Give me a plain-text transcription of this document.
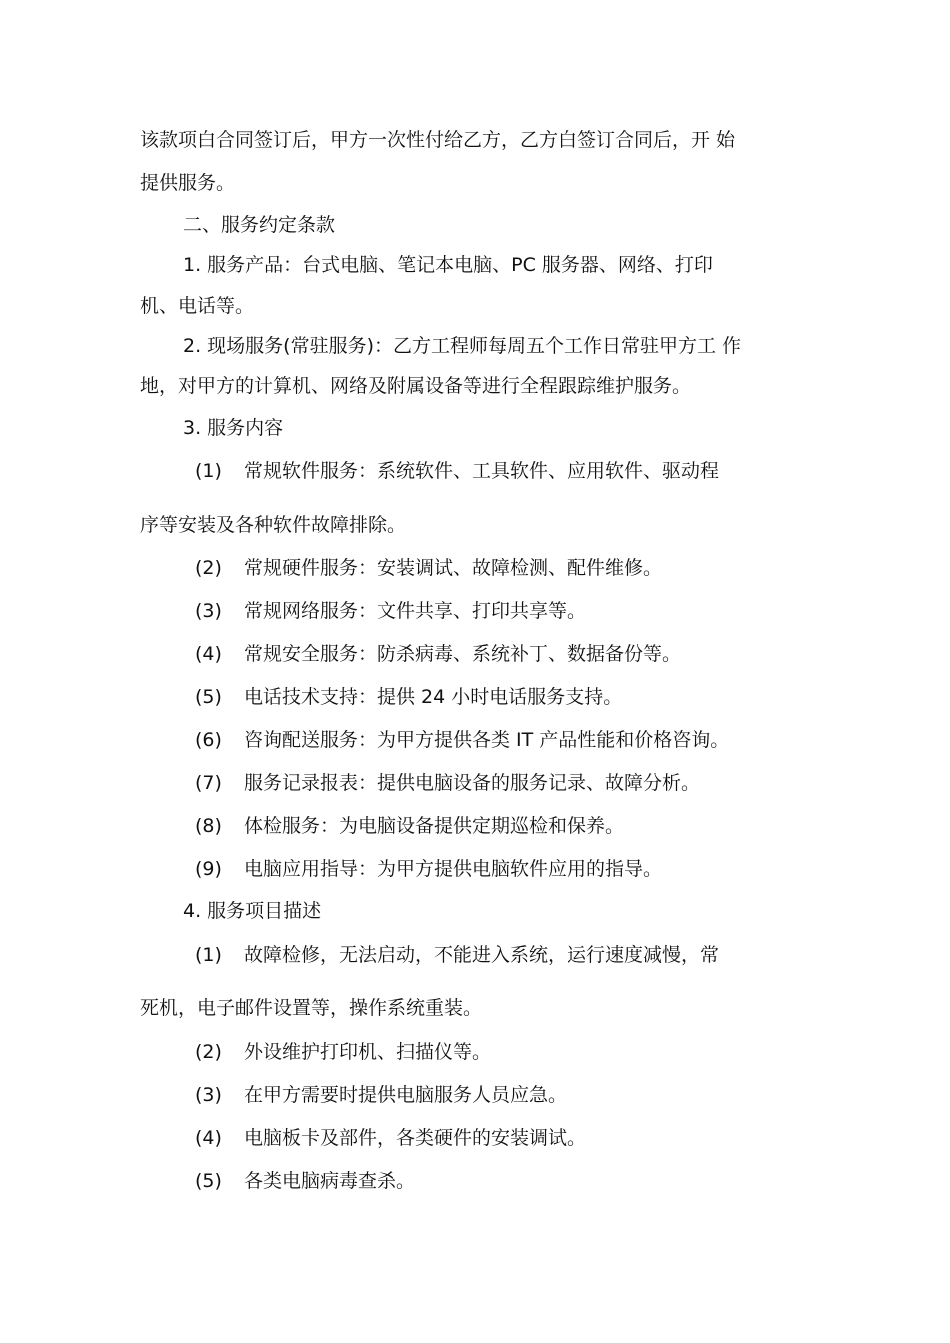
该款项白合同签订后，甲方一次性付给乙方，乙方白签订合同后，开 始
提供服务。
二、服务约定条款
1. 服务产品：台式电脑、笔记本电脑、PC 服务器、网络、打印
机、电话等。
2. 现场服务(常驻服务)：乙方工程师每周五个工作日常驻甲方工 作
地，对甲方的计算机、网络及附属设备等进行全程跟踪维护服务。
3. 服务内容
(1) 常规软件服务：系统软件、工具软件、应用软件、驱动程
序等安装及各种软件故障排除。
(2) 常规硬件服务：安装调试、故障检测、配件维修。
(3) 常规网络服务：文件共享、打印共享等。
(4) 常规安全服务：防杀病毒、系统补丁、数据备份等。
(5) 电话技术支持：提供 24 小时电话服务支持。
(6) 咨询配送服务：为甲方提供各类 IT 产品性能和价格咨询。
(7) 服务记录报表：提供电脑设备的服务记录、故障分析。
(8) 体检服务：为电脑设备提供定期巡检和保养。
(9) 电脑应用指导：为甲方提供电脑软件应用的指导。
4. 服务项目描述
(1) 故障检修，无法启动，不能进入系统，运行速度减慢，常
死机，电子邮件设置等，操作系统重装。
(2) 外设维护打印机、扫描仪等。
(3) 在甲方需要时提供电脑服务人员应急。
(4) 电脑板卡及部件，各类硬件的安装调试。
(5) 各类电脑病毒查杀。
